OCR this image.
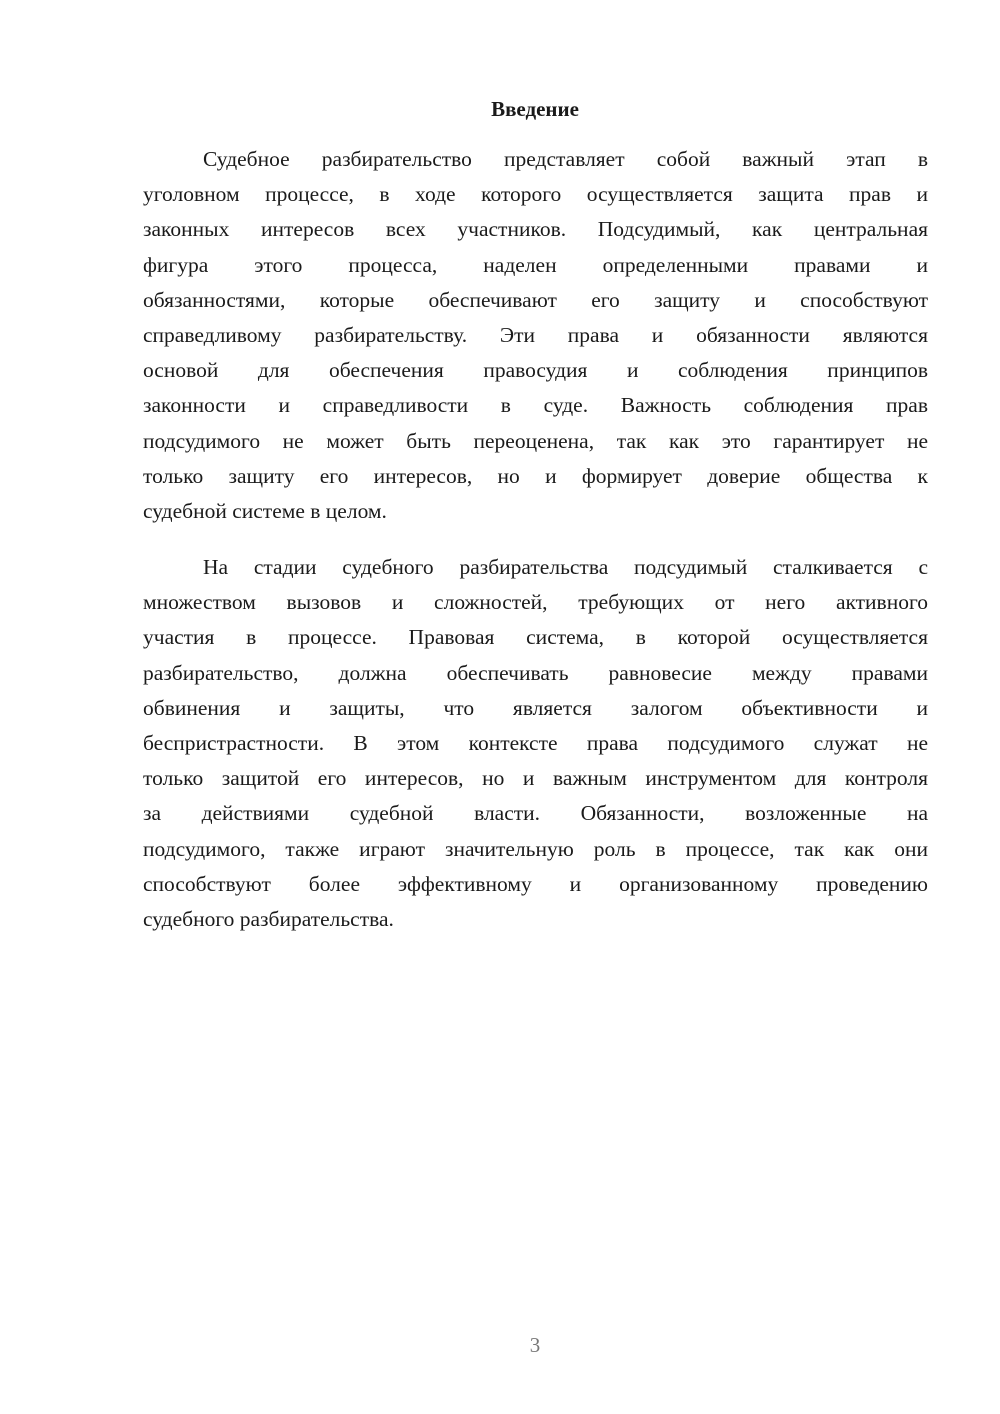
Введение
Судебное разбирательство представляет собой важный этап в
уголовном процессе, в ходе которого осуществляется защита прав и
законных интересов всех участников. Подсудимый, как центральная
фигура этого процесса, наделен определенными правами и
обязанностями, которые обеспечивают его защиту и способствуют
справедливому разбирательству. Эти права и обязанности являются
основой для обеспечения правосудия и соблюдения принципов
законности и справедливости в суде. Важность соблюдения прав
подсудимого не может быть переоценена, так как это гарантирует не
только защиту его интересов, но и формирует доверие общества к
судебной системе в целом.
На стадии судебного разбирательства подсудимый сталкивается с
множеством вызовов и сложностей, требующих от него активного
участия в процессе. Правовая система, в которой осуществляется
разбирательство, должна обеспечивать равновесие между правами
обвинения и защиты, что является залогом объективности и
беспристрастности. В этом контексте права подсудимого служат не
только защитой его интересов, но и важным инструментом для контроля
за действиями судебной власти. Обязанности, возложенные на
подсудимого, также играют значительную роль в процессе, так как они
способствуют более эффективному и организованному проведению
судебного разбирательства.
3
